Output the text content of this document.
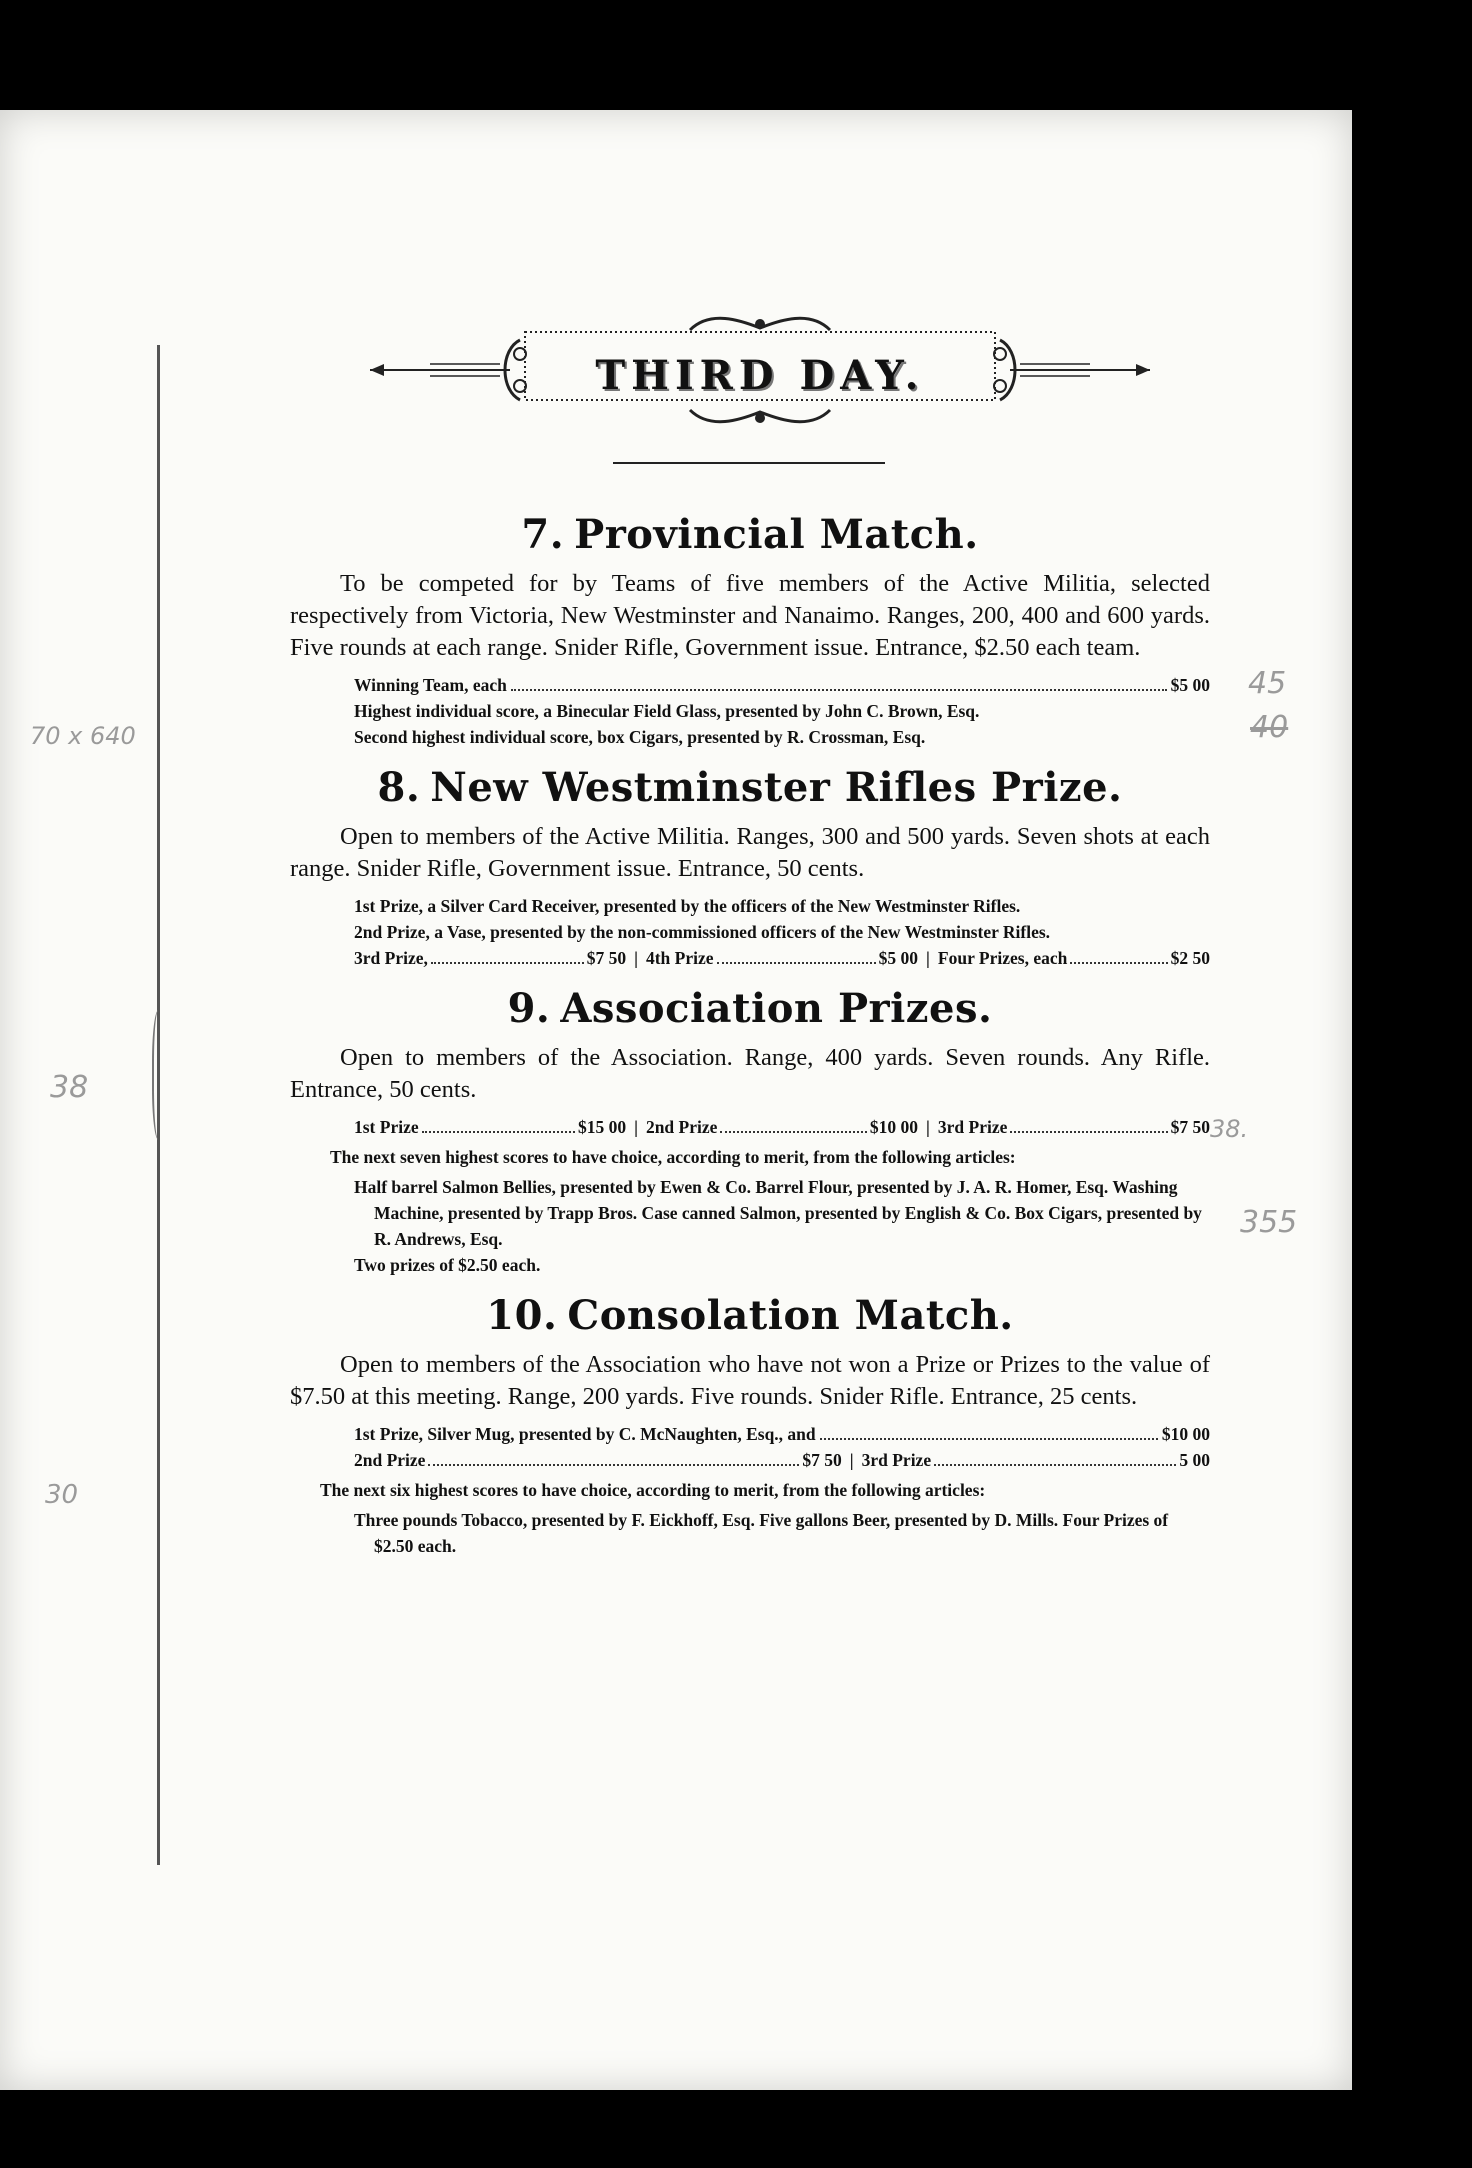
45
40
38.
355
38
30
70 x 640
THIRD DAY.
7. Provincial Match.

To be competed for by Teams of five members of the Active Militia, selected respectively from Victoria, New Westminster and Nanaimo. Ranges, 200, 400 and 600 yards. Five rounds at each range. Snider Rifle, Government issue. Entrance, $2.50 each team.

Winning Team, each	$5 00

Highest individual score, a Binecular Field Glass, presented by John C. Brown, Esq.

Second highest individual score, box Cigars, presented by R. Crossman, Esq.

8. New Westminster Rifles Prize.

Open to members of the Active Militia. Ranges, 300 and 500 yards. Seven shots at each range. Snider Rifle, Government issue. Entrance, 50 cents.

1st Prize, a Silver Card Receiver, presented by the officers of the New Westminster Rifles.

2nd Prize, a Vase, presented by the non-commissioned officers of the New Westminster Rifles.

3rd Prize,	$7 50 | 4th Prize	$5 00 | Four Prizes, each	$2 50
9. Association Prizes.

Open to members of the Association. Range, 400 yards. Seven rounds. Any Rifle. Entrance, 50 cents.

1st Prize	$15 00 | 2nd Prize	$10 00 | 3rd Prize	$7 50

The next seven highest scores to have choice, according to merit, from the following articles:

Half barrel Salmon Bellies, presented by Ewen & Co. Barrel Flour, presented by J. A. R. Homer, Esq. Washing Machine, presented by Trapp Bros. Case canned Salmon, presented by English & Co. Box Cigars, presented by R. Andrews, Esq.

Two prizes of $2.50 each.

10. Consolation Match.

Open to members of the Association who have not won a Prize or Prizes to the value of $7.50 at this meeting. Range, 200 yards. Five rounds. Snider Rifle. Entrance, 25 cents.

1st Prize, Silver Mug, presented by C. McNaughten, Esq., and	$10 00
2nd Prize	$7 50 | 3rd Prize	5 00

The next six highest scores to have choice, according to merit, from the following articles:

Three pounds Tobacco, presented by F. Eickhoff, Esq. Five gallons Beer, presented by D. Mills. Four Prizes of $2.50 each.
